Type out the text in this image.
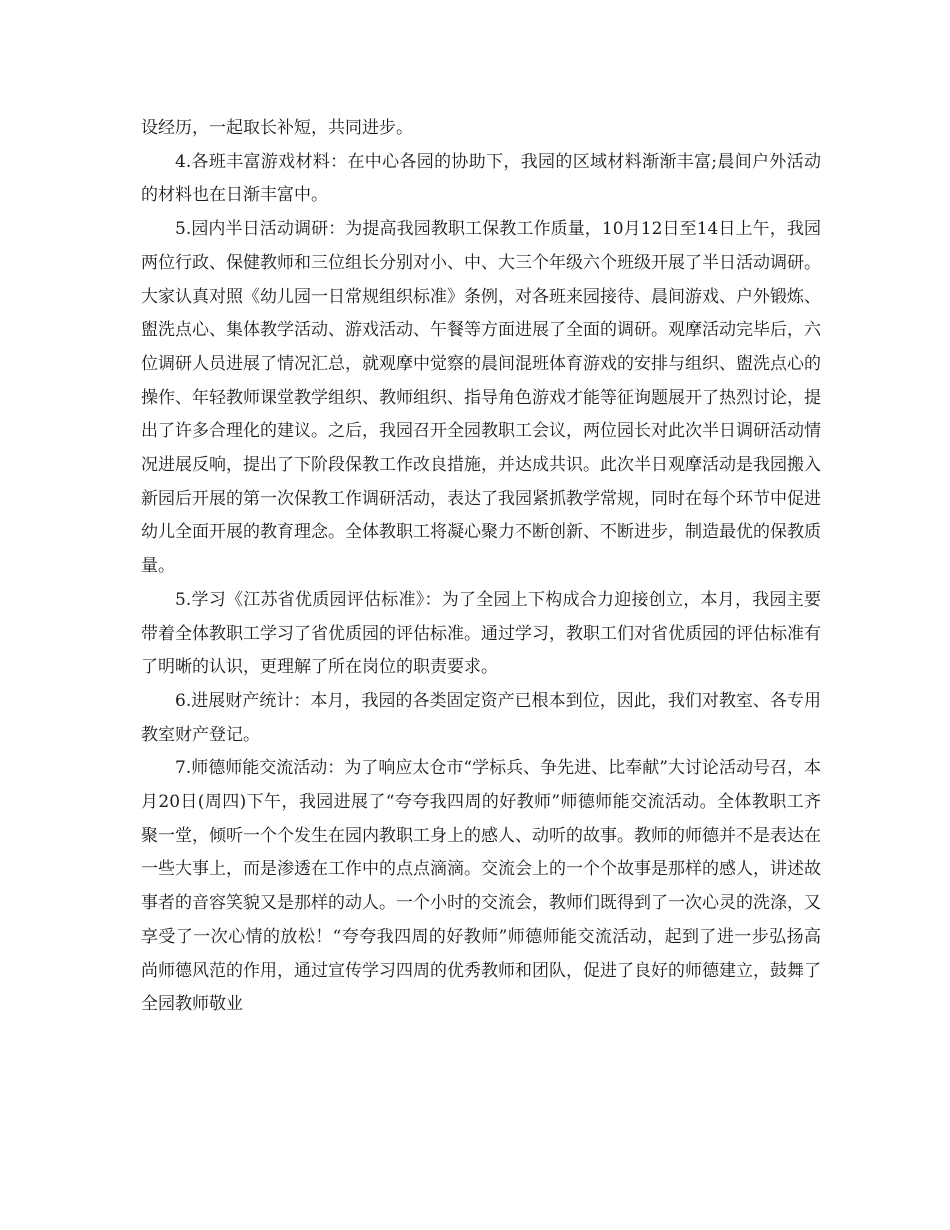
设经历，一起取长补短，共同进步。

4.各班丰富游戏材料：在中心各园的协助下，我园的区域材料渐渐丰富;晨间户外活动的材料也在日渐丰富中。

5.园内半日活动调研：为提高我园教职工保教工作质量，10月12日至14日上午，我园两位行政、保健教师和三位组长分别对小、中、大三个年级六个班级开展了半日活动调研。大家认真对照《幼儿园一日常规组织标准》条例，对各班来园接待、晨间游戏、户外锻炼、盥洗点心、集体教学活动、游戏活动、午餐等方面进展了全面的调研。观摩活动完毕后，六位调研人员进展了情况汇总，就观摩中觉察的晨间混班体育游戏的安排与组织、盥洗点心的操作、年轻教师课堂教学组织、教师组织、指导角色游戏才能等征询题展开了热烈讨论，提出了许多合理化的建议。之后，我园召开全园教职工会议，两位园长对此次半日调研活动情况进展反响，提出了下阶段保教工作改良措施，并达成共识。此次半日观摩活动是我园搬入新园后开展的第一次保教工作调研活动，表达了我园紧抓教学常规，同时在每个环节中促进幼儿全面开展的教育理念。全体教职工将凝心聚力不断创新、不断进步，制造最优的保教质量。

5.学习《江苏省优质园评估标准》：为了全园上下构成合力迎接创立，本月，我园主要带着全体教职工学习了省优质园的评估标准。通过学习，教职工们对省优质园的评估标准有了明晰的认识，更理解了所在岗位的职责要求。

6.进展财产统计：本月，我园的各类固定资产已根本到位，因此，我们对教室、各专用教室财产登记。

7.师德师能交流活动：为了响应太仓市“学标兵、争先进、比奉献”大讨论活动号召，本月20日(周四)下午，我园进展了“夸夸我四周的好教师”师德师能交流活动。全体教职工齐聚一堂，倾听一个个发生在园内教职工身上的感人、动听的故事。教师的师德并不是表达在一些大事上，而是渗透在工作中的点点滴滴。交流会上的一个个故事是那样的感人，讲述故事者的音容笑貌又是那样的动人。一个小时的交流会，教师们既得到了一次心灵的洗涤，又享受了一次心情的放松！“夸夸我四周的好教师”师德师能交流活动，起到了进一步弘扬高尚师德风范的作用，通过宣传学习四周的优秀教师和团队，促进了良好的师德建立，鼓舞了全园教师敬业
